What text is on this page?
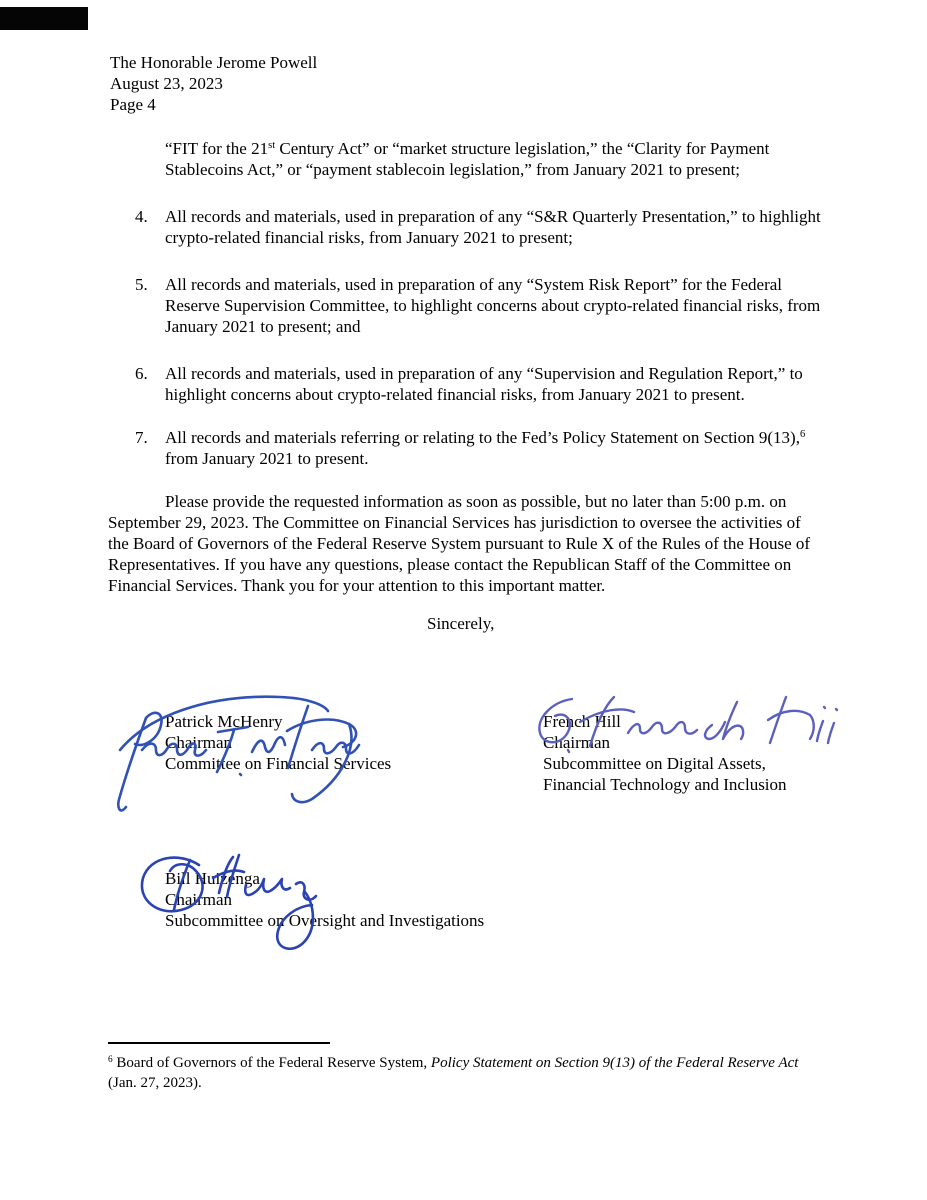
The Honorable Jerome Powell
August 23, 2023
Page 4

“FIT for the 21st Century Act” or “market structure legislation,” the “Clarity for Payment Stablecoins Act,” or “payment stablecoin legislation,” from January 2021 to present;

4.	All records and materials, used in preparation of any “S&R Quarterly Presentation,” to highlight crypto-related financial risks, from January 2021 to present;
5.	All records and materials, used in preparation of any “System Risk Report” for the Federal Reserve Supervision Committee, to highlight concerns about crypto-related financial risks, from January 2021 to present; and
6.	All records and materials, used in preparation of any “Supervision and Regulation Report,” to highlight concerns about crypto-related financial risks, from January 2021 to present.
7.	All records and materials referring or relating to the Fed’s Policy Statement on Section 9(13),$^6$ from January 2021 to present.

Please provide the requested information as soon as possible, but no later than 5:00 p.m. on September 29, 2023. The Committee on Financial Services has jurisdiction to oversee the activities of the Board of Governors of the Federal Reserve System pursuant to Rule X of the Rules of the House of Representatives. If you have any questions, please contact the Republican Staff of the Committee on Financial Services. Thank you for your attention to this important matter.

Sincerely,

Patrick McHenry
Chairman
Committee on Financial Services
French Hill
Chairman
Subcommittee on Digital Assets,
Financial Technology and Inclusion
Bill Huizenga
Chairman
Subcommittee on Oversight and Investigations

$^6$ Board of Governors of the Federal Reserve System, Policy Statement on Section 9(13) of the Federal Reserve Act
(Jan. 27, 2023).
